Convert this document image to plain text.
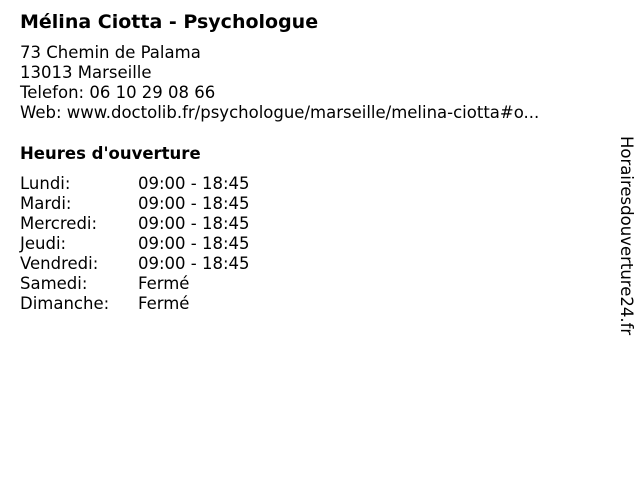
Mélina Ciotta - Psychologue
73 Chemin de Palama
13013 Marseille
Telefon: 06 10 29 08 66
Web: www.doctolib.fr/psychologue/marseille/melina-ciotta#o...
Heures d'ouverture
Lundi:	09:00 - 18:45
Mardi:	09:00 - 18:45
Mercredi:	09:00 - 18:45
Jeudi:	09:00 - 18:45
Vendredi:	09:00 - 18:45
Samedi:	Fermé
Dimanche:	Fermé	Horairesdouverture24.fr
